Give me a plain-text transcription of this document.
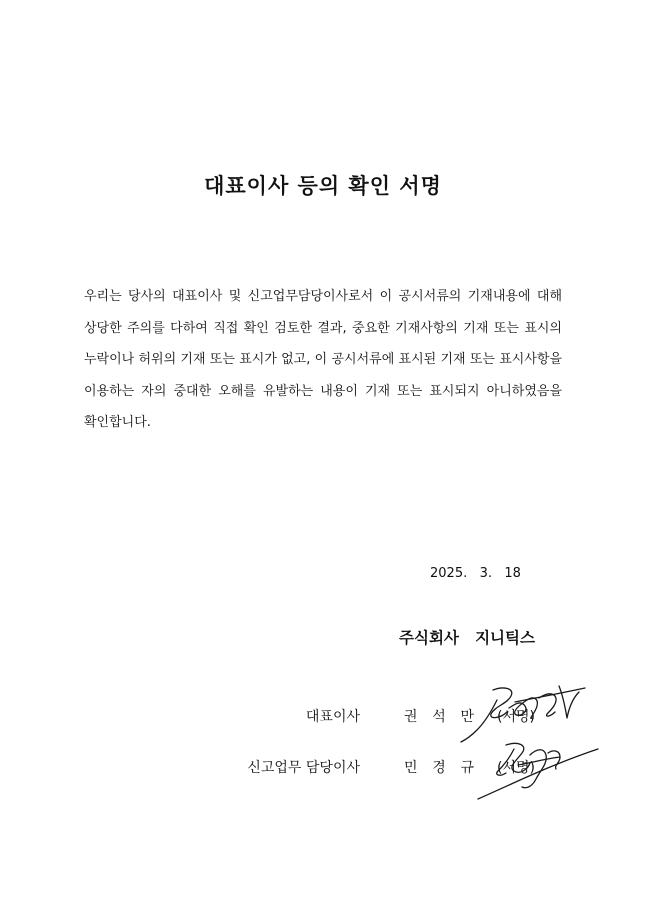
대표이사 등의 확인 서명

우리는 당사의 대표이사 및 신고업무담당이사로서 이 공시서류의 기재내용에 대해 상당한 주의를 다하여 직접 확인 검토한 결과, 중요한 기재사항의 기재 또는 표시의 누락이나 허위의 기재 또는 표시가 없고, 이 공시서류에 표시된 기재 또는 표시사항을 이용하는 자의 중대한 오해를 유발하는 내용이 기재 또는 표시되지 아니하였음을 확인합니다.

2025.   3.   18
주식회사   지니틱스
대표이사	권 석 만 (서명)
신고업무 담당이사	민 경 규 (서명)
